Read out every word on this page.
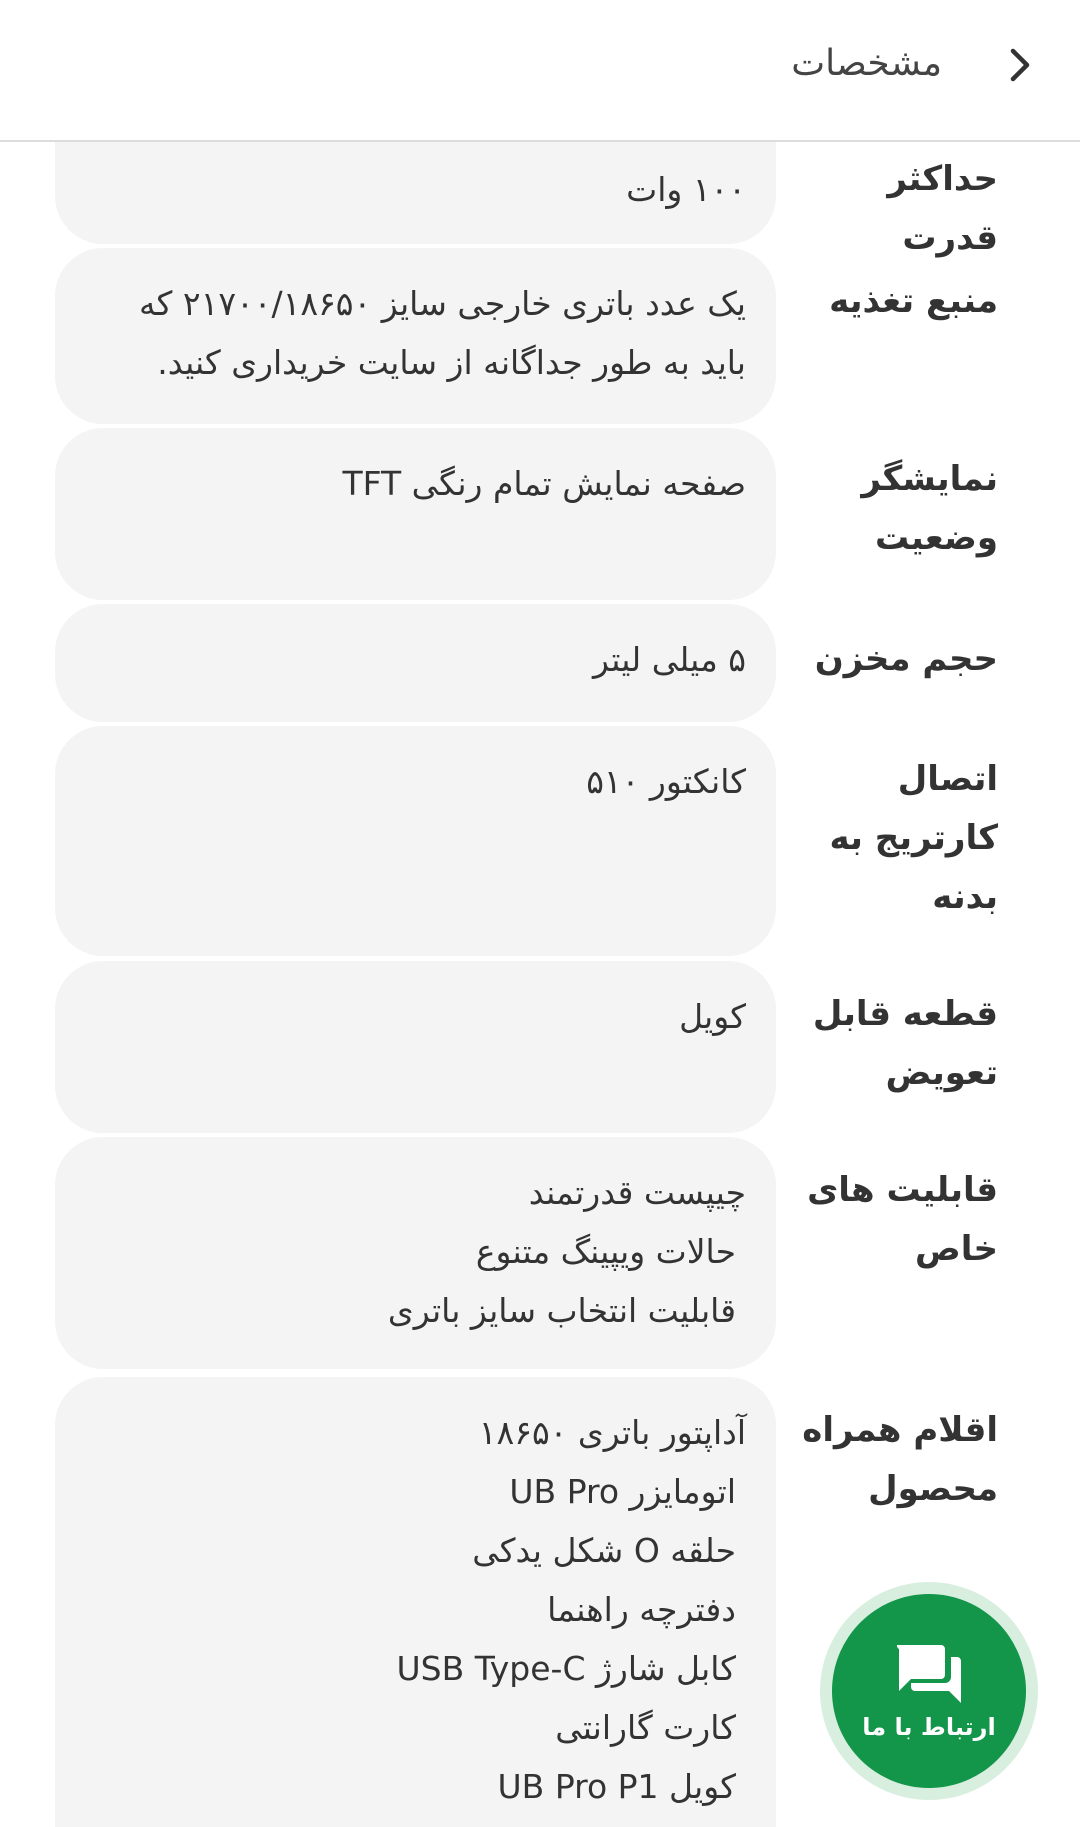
حداکثر قدرت
۱۰۰ وات
منبع تغذیه
یک عدد باتری خارجی سایز ۲۱۷۰۰/۱۸۶۵۰ که
باید به طور جداگانه از سایت خریداری کنید.
نمایشگر وضعیت
صفحه نمایش تمام رنگی TFT
حجم مخزن
۵ میلی لیتر
اتصال کارتریج به بدنه
کانکتور ۵۱۰
قطعه قابل تعویض
کویل
قابلیت های خاص
چیپست قدرتمند
حالات ویپینگ متنوع
قابلیت انتخاب سایز باتری
اقلام همراه محصول
آداپتور باتری ۱۸۶۵۰
اتومایزر UB Pro
حلقه O شکل یدکی
دفترچه راهنما
کابل شارژ USB Type-C
کارت گارانتی
کویل UB Pro P1
مشخصات
ارتباط با ما
